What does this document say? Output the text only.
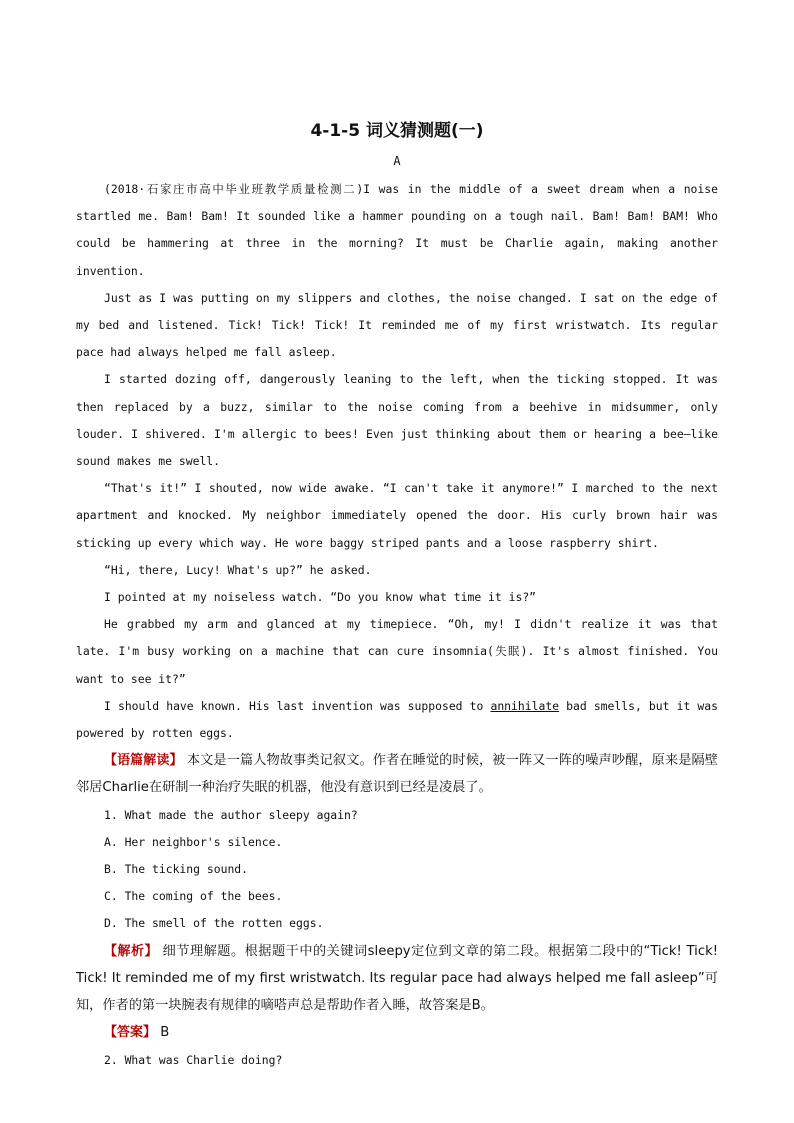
4-1-5 词义猜测题(一)
A

(2018·石家庄市高中毕业班教学质量检测二)I was in the middle of a sweet dream when a noise startled me. Bam! Bam! It sounded like a hammer pounding on a tough nail. Bam! Bam! BAM! Who could be hammering at three in the morning? It must be Charlie again, making another invention.

Just as I was putting on my slippers and clothes, the noise changed. I sat on the edge of my bed and listened. Tick! Tick! Tick! It reminded me of my first wristwatch. Its regular pace had always helped me fall asleep.

I started dozing off, dangerously leaning to the left, when the ticking stopped. It was then replaced by a buzz, similar to the noise coming from a beehive in midsummer, only louder. I shivered. I'm allergic to bees! Even just thinking about them or hearing a bee—like sound makes me swell.

“That's it!” I shouted, now wide awake. “I can't take it anymore!” I marched to the next apartment and knocked. My neighbor immediately opened the door. His curly brown hair was sticking up every which way. He wore baggy striped pants and a loose raspberry shirt.

“Hi, there, Lucy! What's up?” he asked.

I pointed at my noiseless watch. “Do you know what time it is?”

He grabbed my arm and glanced at my timepiece. “Oh, my! I didn't realize it was that late. I'm busy working on a machine that can cure insomnia(失眠). It's almost finished. You want to see it?”

I should have known. His last invention was supposed to annihilate bad smells, but it was powered by rotten eggs.

【语篇解读】 本文是一篇人物故事类记叙文。作者在睡觉的时候，被一阵又一阵的噪声吵醒，原来是隔壁邻居Charlie在研制一种治疗失眠的机器，他没有意识到已经是凌晨了。

1. What made the author sleepy again?

A. Her neighbor's silence.

B. The ticking sound.

C. The coming of the bees.

D. The smell of the rotten eggs.

【解析】 细节理解题。根据题干中的关键词sleepy定位到文章的第二段。根据第二段中的“Tick! Tick! Tick! It reminded me of my first wristwatch. Its regular pace had always helped me fall asleep”可知，作者的第一块腕表有规律的嘀嗒声总是帮助作者入睡，故答案是B。

【答案】 B

2. What was Charlie doing?
